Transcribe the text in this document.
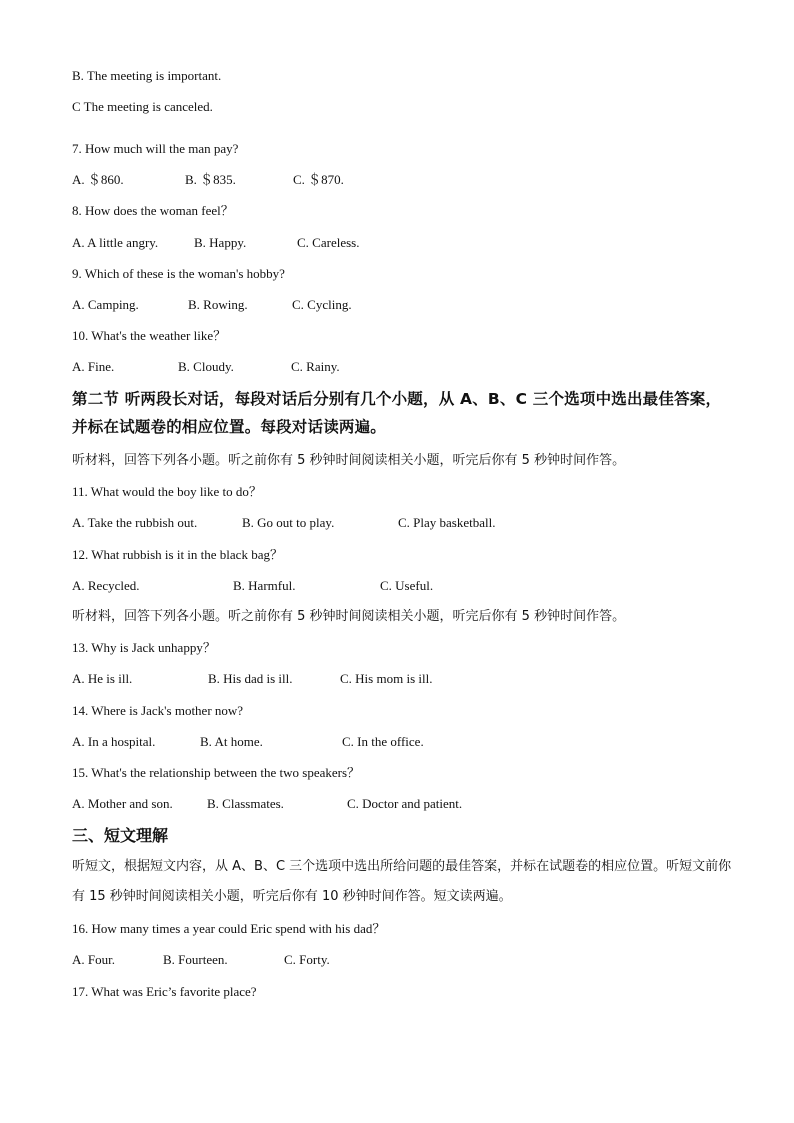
B. The meeting is important.
C The meeting is canceled.
7. How much will the man pay?
A. ＄860.	B. ＄835.	C. ＄870.
8. How does the woman feel？
A. A little angry.	B. Happy.	C. Careless.
9. Which of these is the woman's hobby?
A. Camping.	B. Rowing.	C. Cycling.
10. What's the weather like？
A. Fine.	B. Cloudy.	C. Rainy.
第二节 听两段长对话，每段对话后分别有几个小题，从 A、B、C 三个选项中选出最佳答案，并标在试题卷的相应位置。每段对话读两遍。
听材料，回答下列各小题。听之前你有 5 秒钟时间阅读相关小题，听完后你有 5 秒钟时间作答。
11. What would the boy like to do？
A. Take the rubbish out.	B. Go out to play.	C. Play basketball.
12. What rubbish is it in the black bag？
A. Recycled.	B. Harmful.	C. Useful.
听材料，回答下列各小题。听之前你有 5 秒钟时间阅读相关小题，听完后你有 5 秒钟时间作答。
13. Why is Jack unhappy？
A. He is ill.	B. His dad is ill.	C. His mom is ill.
14. Where is Jack's mother now?
A. In a hospital.	B. At home.	C. In the office.
15. What's the relationship between the two speakers？
A. Mother and son.	B. Classmates.	C. Doctor and patient.
三、短文理解
听短文，根据短文内容，从 A、B、C 三个选项中选出所给问题的最佳答案，并标在试题卷的相应位置。听短文前你有 15 秒钟时间阅读相关小题，听完后你有 10 秒钟时间作答。短文读两遍。
16. How many times a year could Eric spend with his dad？
A. Four.	B. Fourteen.	C. Forty.
17. What was Eric’s favorite place?
